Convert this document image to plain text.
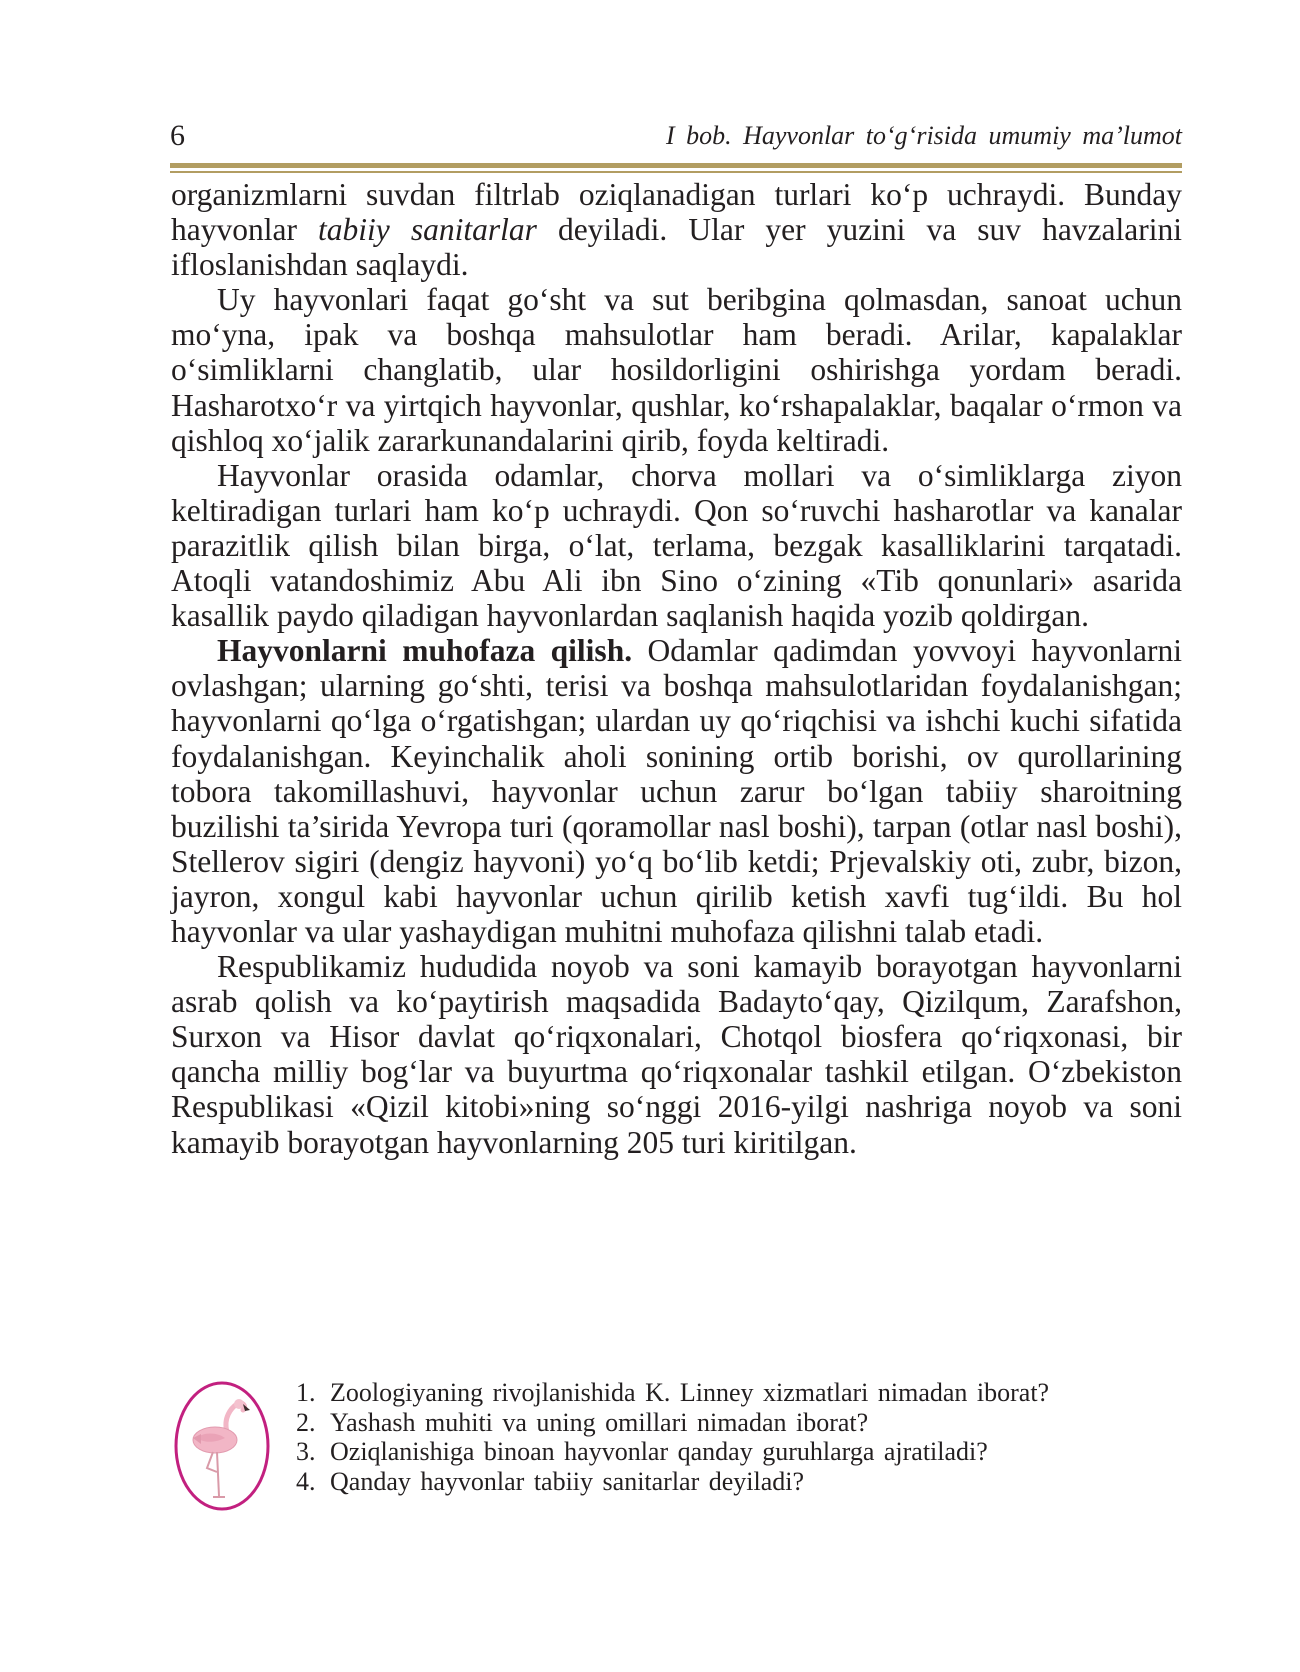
6	I bob. Hayvonlar to‘g‘risida umumiy ma’lumot

organizmlarni suvdan filtrlab oziqlanadigan turlari ko‘p uchraydi. Bunday hayvonlar tabiiy sanitarlar deyiladi. Ular yer yuzini va suv havzalarini ifloslanishdan saqlaydi.

Uy hayvonlari faqat go‘sht va sut beribgina qolmasdan, sanoat uchun mo‘yna, ipak va boshqa mahsulotlar ham beradi. Arilar, kapalaklar o‘simliklarni changlatib, ular hosildorligini oshirishga yordam beradi. Hasharotxo‘r va yirtqich hayvonlar, qushlar, ko‘rshapalaklar, baqalar o‘rmon va qishloq xo‘jalik zararkunandalarini qirib, foyda keltiradi.

Hayvonlar orasida odamlar, chorva mollari va o‘simliklarga ziyon keltiradigan turlari ham ko‘p uchraydi. Qon so‘ruvchi hasharotlar va kanalar parazitlik qilish bilan birga, o‘lat, terlama, bezgak kasalliklarini tarqatadi. Atoqli vatandoshimiz Abu Ali ibn Sino o‘zining «Tib qonunlari» asarida kasallik paydo qiladigan hayvonlardan saqlanish haqida yozib qoldirgan.

Hayvonlarni muhofaza qilish. Odamlar qadimdan yovvoyi hayvonlarni ovlashgan; ularning go‘shti, terisi va boshqa mahsulotlaridan foydalanishgan; hayvonlarni qo‘lga o‘rgatishgan; ulardan uy qo‘riqchisi va ishchi kuchi sifatida foydalanishgan. Keyinchalik aholi sonining ortib borishi, ov qurollarining tobora takomillashuvi, hayvonlar uchun zarur bo‘lgan tabiiy sharoitning buzilishi ta’sirida Yevropa turi (qoramollar nasl boshi), tarpan (otlar nasl boshi), Stellerov sigiri (dengiz hayvoni) yo‘q bo‘lib ketdi; Prjevalskiy oti, zubr, bizon, jayron, xongul kabi hayvonlar uchun qirilib ketish xavfi tug‘ildi. Bu hol hayvonlar va ular yashaydigan muhitni muhofaza qilishni talab etadi.

Respublikamiz hududida noyob va soni kamayib borayotgan hayvonlarni asrab qolish va ko‘paytirish maqsadida Badayto‘qay, Qizilqum, Zarafshon, Surxon va Hisor davlat qo‘riqxonalari, Chotqol biosfera qo‘riqxonasi, bir qancha milliy bog‘lar va buyurtma qo‘riqxonalar tashkil etilgan. O‘zbekiston Respublikasi «Qizil kitobi»ning so‘nggi 2016-yilgi nashriga noyob va soni kamayib borayotgan hayvonlarning 205 turi kiritilgan.

1. Zoologiyaning rivojlanishida K. Linney xizmatlari nimadan iborat?
2. Yashash muhiti va uning omillari nimadan iborat?
3. Oziqlanishiga binoan hayvonlar qanday guruhlarga ajratiladi?
4. Qanday hayvonlar tabiiy sanitarlar deyiladi?
